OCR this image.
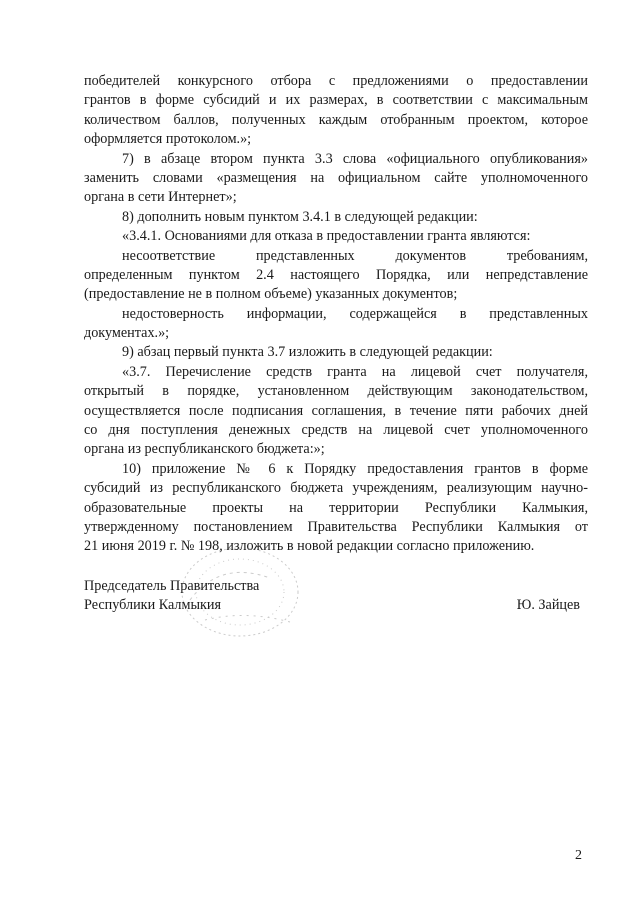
победителей конкурсного отбора с предложениями о предоставлении
грантов в форме субсидий и их размерах, в соответствии с максимальным
количеством баллов, полученных каждым отобранным проектом, которое
оформляется протоколом.»;
7) в абзаце втором пункта 3.3 слова «официального опубликования»
заменить словами «размещения на официальном сайте уполномоченного
органа в сети Интернет»;
8) дополнить новым пунктом 3.4.1 в следующей редакции:
«3.4.1. Основаниями для отказа в предоставлении гранта являются:
несоответствие представленных документов требованиям,
определенным пунктом 2.4 настоящего Порядка, или непредставление
(предоставление не в полном объеме) указанных документов;
недостоверность информации, содержащейся в представленных
документах.»;
9) абзац первый пункта 3.7 изложить в следующей редакции:
«3.7. Перечисление средств гранта на лицевой счет получателя,
открытый в порядке, установленном действующим законодательством,
осуществляется после подписания соглашения, в течение пяти рабочих дней
со дня поступления денежных средств на лицевой счет уполномоченного
органа из республиканского бюджета:»;
10) приложение № 6 к Порядку предоставления грантов в форме
субсидий из республиканского бюджета учреждениям, реализующим научно-
образовательные проекты на территории Республики Калмыкия,
утвержденному постановлением Правительства Республики Калмыкия от
21 июня 2019 г. № 198, изложить в новой редакции согласно приложению.
Председатель Правительства
Республики Калмыкия	Ю. Зайцев
2
